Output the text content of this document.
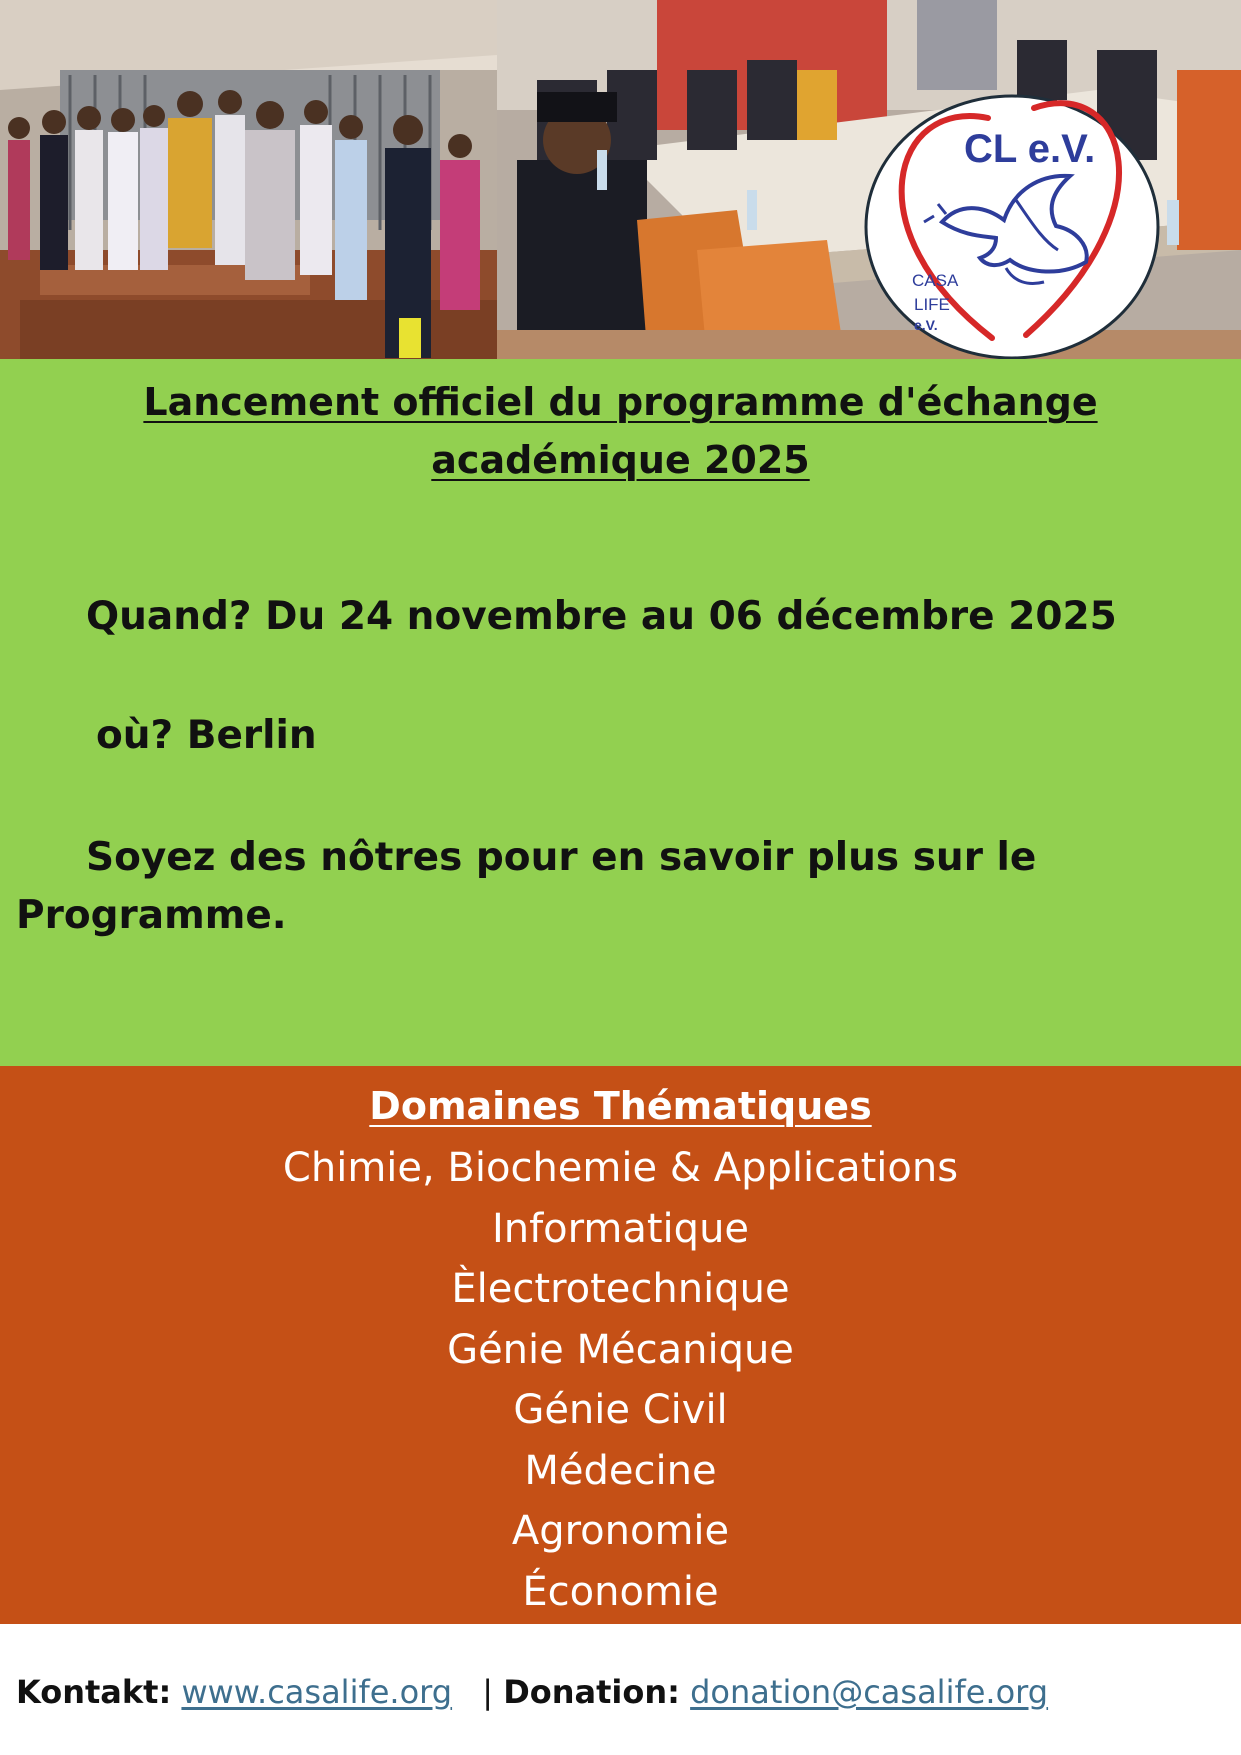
CL e.V.
CASA
LIFE
e.V.
Lancement officiel du programme d'échange
académique 2025

Quand? Du 24 novembre au 06 décembre 2025

où? Berlin

Soyez des nôtres pour en savoir plus sur le Programme.

Domaines Thématiques
Chimie, Biochemie & Applications
Informatique
Èlectrotechnique
Génie Mécanique
Génie Civil
Médecine
Agronomie
Économie
Kontakt: www.casalife.org | Donation: donation@casalife.org
